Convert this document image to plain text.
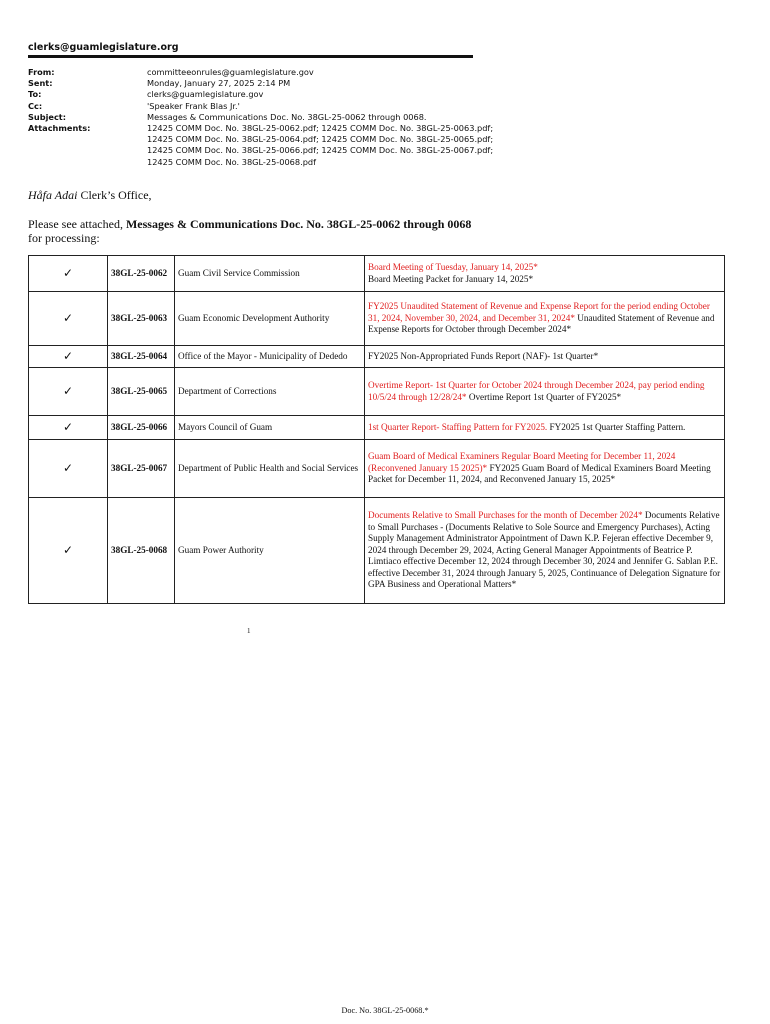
clerks@guamlegislature.org
From:	committeeonrules@guamlegislature.gov
Sent:	Monday, January 27, 2025 2:14 PM
To:	clerks@guamlegislature.gov
Cc:	'Speaker Frank Blas Jr.'
Subject:	Messages & Communications Doc. No. 38GL-25-0062 through 0068.
Attachments:	12425 COMM Doc. No. 38GL-25-0062.pdf; 12425 COMM Doc. No. 38GL-25-0063.pdf;
12425 COMM Doc. No. 38GL-25-0064.pdf; 12425 COMM Doc. No. 38GL-25-0065.pdf;
12425 COMM Doc. No. 38GL-25-0066.pdf; 12425 COMM Doc. No. 38GL-25-0067.pdf;
12425 COMM Doc. No. 38GL-25-0068.pdf
Håfa Adai Clerk’s Office,
Please see attached, Messages & Communications Doc. No. 38GL-25-0062 through 0068 for processing:
✓	38GL-25-0062	Guam Civil Service Commission	Board Meeting of Tuesday, January 14, 2025*
Board Meeting Packet for January 14, 2025*
✓	38GL-25-0063	Guam Economic Development Authority	FY2025 Unaudited Statement of Revenue and Expense Report for the period ending October 31, 2024, November 30, 2024, and December 31, 2024* Unaudited Statement of Revenue and Expense Reports for October through December 2024*
✓	38GL-25-0064	Office of the Mayor - Municipality of Dededo	FY2025 Non-Appropriated Funds Report (NAF)- 1st Quarter*
✓	38GL-25-0065	Department of Corrections	Overtime Report- 1st Quarter for October 2024 through December 2024, pay period ending 10/5/24 through 12/28/24* Overtime Report 1st Quarter of FY2025*
✓	38GL-25-0066	Mayors Council of Guam	1st Quarter Report- Staffing Pattern for FY2025. FY2025 1st Quarter Staffing Pattern.
✓	38GL-25-0067	Department of Public Health and Social Services	Guam Board of Medical Examiners Regular Board Meeting for December 11, 2024 (Reconvened January 15 2025)* FY2025 Guam Board of Medical Examiners Board Meeting Packet for December 11, 2024, and Reconvened January 15, 2025*
✓	38GL-25-0068	Guam Power Authority	Documents Relative to Small Purchases for the month of December 2024* Documents Relative to Small Purchases - (Documents Relative to Sole Source and Emergency Purchases), Acting Supply Management Administrator Appointment of Dawn K.P. Fejeran effective December 9, 2024 through December 29, 2024, Acting General Manager Appointments of Beatrice P. Limtiaco effective December 12, 2024 through December 30, 2024 and Jennifer G. Sablan P.E. effective December 31, 2024 through January 5, 2025, Continuance of Delegation Signature for GPA Business and Operational Matters*
1
Doc. No. 38GL-25-0068.*
